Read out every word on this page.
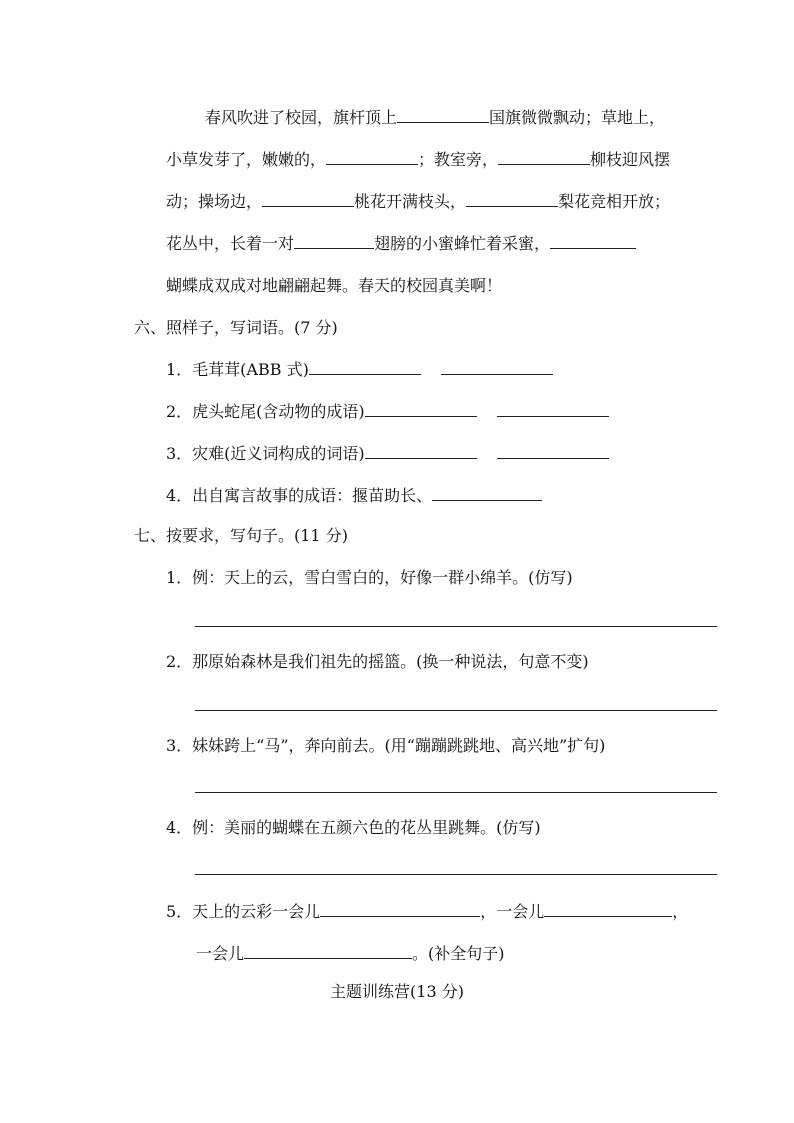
春风吹进了校园，旗杆顶上	国旗微微飘动；草地上，
小草发芽了，嫩嫩的，	；教室旁，	柳枝迎风摆
动；操场边，	桃花开满枝头，	梨花竞相开放；
花丛中，长着一对	翅膀的小蜜蜂忙着采蜜，
蝴蝶成双成对地翩翩起舞。春天的校园真美啊！
六、照样子，写词语。(7 分)
1．毛茸茸(ABB 式)
2．虎头蛇尾(含动物的成语)
3．灾难(近义词构成的词语)
4．出自寓言故事的成语：揠苗助长、
七、按要求，写句子。(11 分)
1．例：天上的云，雪白雪白的，好像一群小绵羊。(仿写)
2．那原始森林是我们祖先的摇篮。(换一种说法，句意不变)
3．妹妹跨上“马”，奔向前去。(用“蹦蹦跳跳地、高兴地”扩句)
4．例：美丽的蝴蝶在五颜六色的花丛里跳舞。(仿写)
5．天上的云彩一会儿	，一会儿	，
一会儿	。(补全句子)
主题训练营(13 分)
